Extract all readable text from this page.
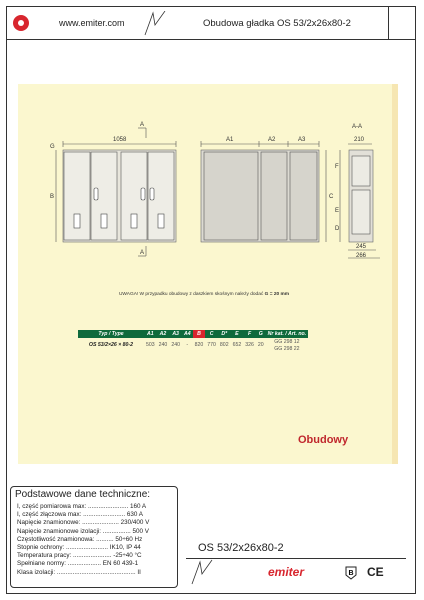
www.emiter.com	Obudowa gładka OS 53/2x26x80-2
1058
B
G
A
A
A1	A2	A3
C
A-A
210
245
266
F
E
D
UWAGA! W przypadku obudowy z daszkiem skośnym należy dodać G = 20 mm
Typ / Type	A1	A2	A3	A4	B	C	D*	E	F	G	Nr kat. / Art. no.
OS 53/2×26 × 80-2	503	240	240	-	820	770	802	652	326	20	GG 298 12
											GG 298 22
Obudowy
Podstawowe dane techniczne:
I, część pomiarowa max: ....................... 160 A
I, część złączowa max: ........................ 630 A
Napięcie znamionowe: ..................... 230/400 V
Napięcie znamionowe izolacji: ................ 500 V
Częstotliwość znamionowa: .......... 50÷60 Hz
Stopnie ochrony: ........................ IK10, IP 44
Temperatura pracy: ...................... -25÷40 °C
Spełniane normy: ................... EN 60 439-1
Klasa izolacji: ............................................. II
OS 53/2x26x80-2
emiter	B CE
